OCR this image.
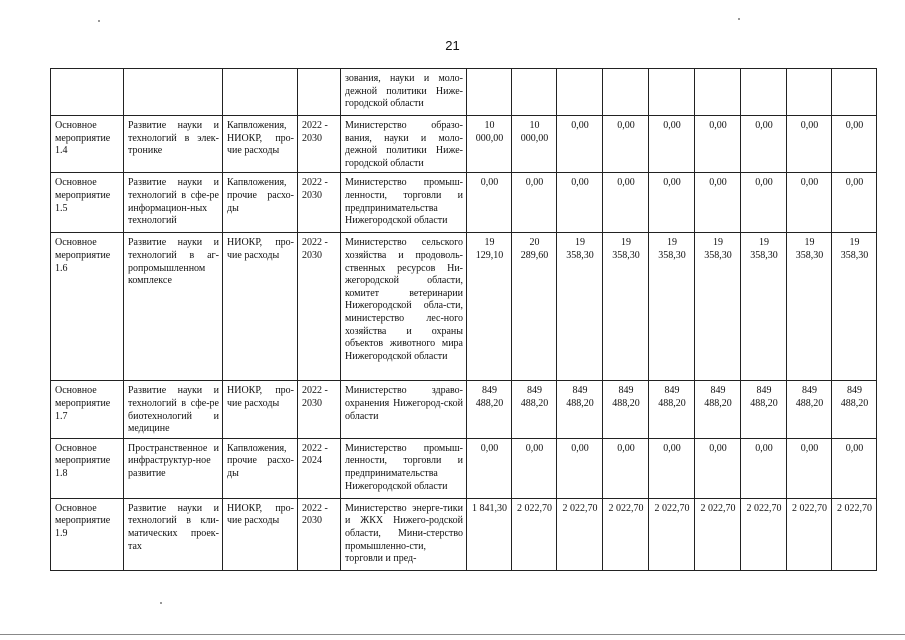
21
				зования, науки и моло-дежной политики Ниже-городской области									
Основное мероприятие 1.4	Развитие науки и технологий в элек-тронике	Капвложения, НИОКР, про-чие расходы	2022 - 2030	Министерство образо-вания, науки и моло-дежной политики Ниже-городской области	10 000,00	10 000,00	0,00	0,00	0,00	0,00	0,00	0,00	0,00
Основное мероприятие 1.5	Развитие науки и технологий в сфе-ре информацион-ных технологий	Капвложения, прочие расхо-ды	2022 - 2030	Министерство промыш-ленности, торговли и предпринимательства Нижегородской области	0,00	0,00	0,00	0,00	0,00	0,00	0,00	0,00	0,00
Основное мероприятие 1.6	Развитие науки и технологий в аг-ропромышленном комплексе	НИОКР, про-чие расходы	2022 - 2030	Министерство сельского хозяйства и продоволь-ственных ресурсов Ни-жегородской области, комитет ветеринарии Нижегородской обла-сти, министерство лес-ного хозяйства и охраны объектов животного мира Нижегородской области	19 129,10	20 289,60	19 358,30	19 358,30	19 358,30	19 358,30	19 358,30	19 358,30	19 358,30
Основное мероприятие 1.7	Развитие науки и технологий в сфе-ре биотехнологий и медицине	НИОКР, про-чие расходы	2022 - 2030	Министерство здраво-охранения Нижегород-ской области	849 488,20	849 488,20	849 488,20	849 488,20	849 488,20	849 488,20	849 488,20	849 488,20	849 488,20
Основное мероприятие 1.8	Пространственное и инфраструктур-ное развитие	Капвложения, прочие расхо-ды	2022 - 2024	Министерство промыш-ленности, торговли и предпринимательства Нижегородской области	0,00	0,00	0,00	0,00	0,00	0,00	0,00	0,00	0,00
Основное мероприятие 1.9	Развитие науки и технологий в кли-матических проек-тах	НИОКР, про-чие расходы	2022 - 2030	Министерство энерге-тики и ЖКХ Нижего-родской области, Мини-стерство промышленно-сти, торговли и пред-	1 841,30	2 022,70	2 022,70	2 022,70	2 022,70	2 022,70	2 022,70	2 022,70	2 022,70
